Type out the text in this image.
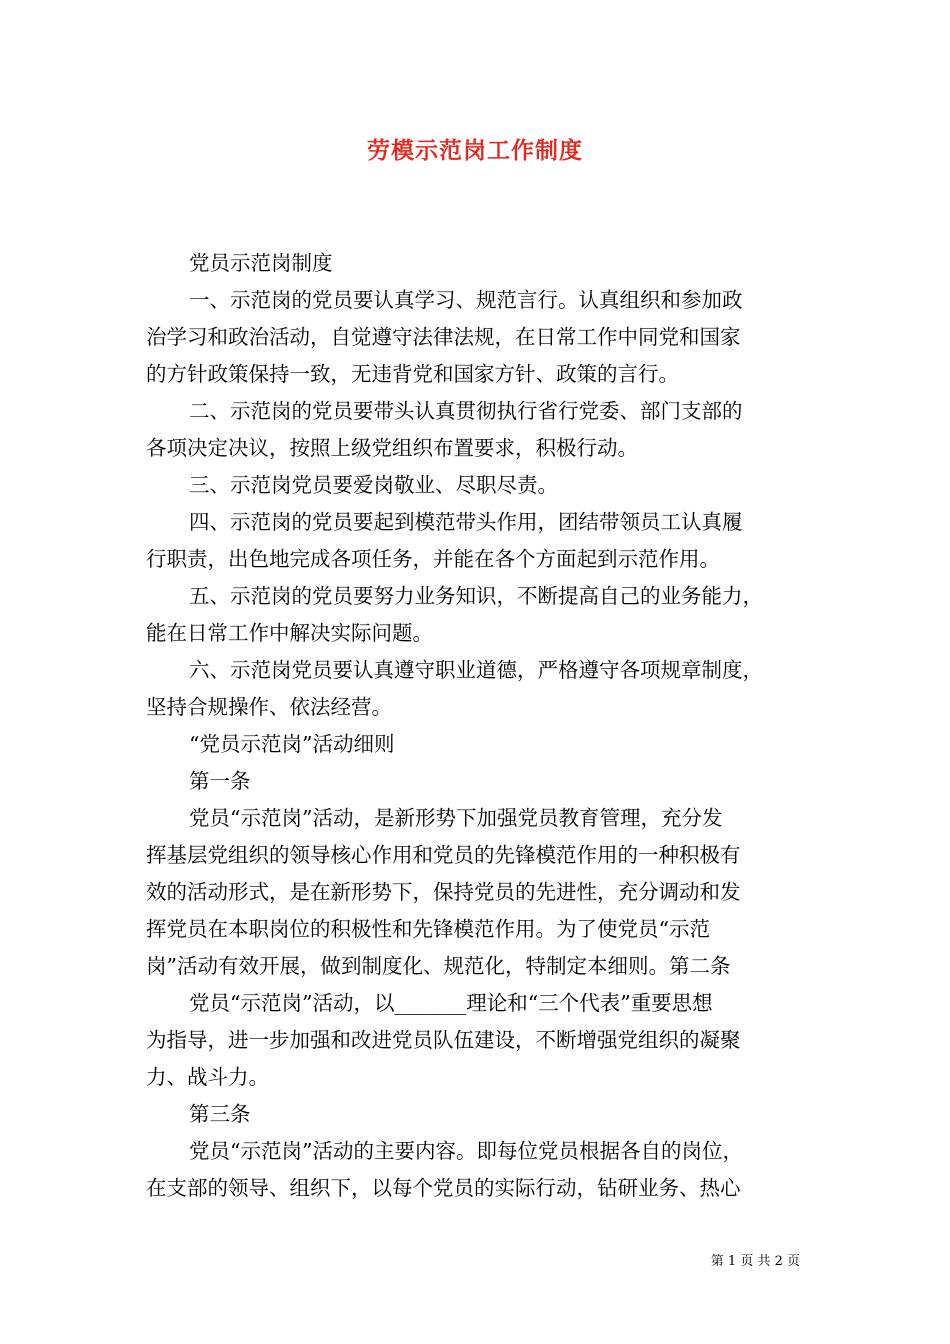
劳模示范岗工作制度
党员示范岗制度
一、示范岗的党员要认真学习、规范言行。认真组织和参加政
治学习和政治活动，自觉遵守法律法规，在日常工作中同党和国家
的方针政策保持一致，无违背党和国家方针、政策的言行。
二、示范岗的党员要带头认真贯彻执行省行党委、部门支部的
各项决定决议，按照上级党组织布置要求，积极行动。
三、示范岗党员要爱岗敬业、尽职尽责。
四、示范岗的党员要起到模范带头作用，团结带领员工认真履
行职责，出色地完成各项任务，并能在各个方面起到示范作用。
五、示范岗的党员要努力业务知识，不断提高自己的业务能力，
能在日常工作中解决实际问题。
六、示范岗党员要认真遵守职业道德，严格遵守各项规章制度，
坚持合规操作、依法经营。
“党员示范岗”活动细则
第一条
党员“示范岗”活动，是新形势下加强党员教育管理，充分发
挥基层党组织的领导核心作用和党员的先锋模范作用的一种积极有
效的活动形式，是在新形势下，保持党员的先进性，充分调动和发
挥党员在本职岗位的积极性和先锋模范作用。为了使党员“示范
岗”活动有效开展，做到制度化、规范化，特制定本细则。第二条
党员“示范岗”活动，以_______理论和“三个代表”重要思想
为指导，进一步加强和改进党员队伍建设，不断增强党组织的凝聚
力、战斗力。
第三条
党员“示范岗”活动的主要内容。即每位党员根据各自的岗位，
在支部的领导、组织下，以每个党员的实际行动，钻研业务、热心
第 1 页 共 2 页
